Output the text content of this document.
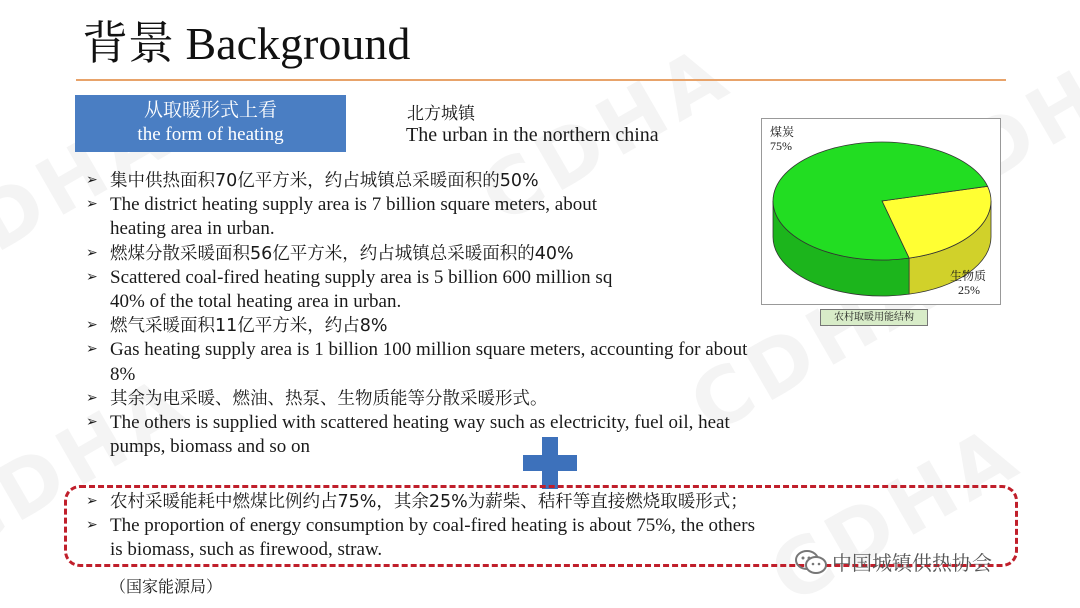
背景 Background
从取暖形式上看
the form of heating
北方城镇
The urban in the northern china
➢ 集中供热面积70亿平方米，约占城镇总采暖面积的50%
➢ The district heating supply area is 7 billion square meters, about
heating area in urban.
➢ 燃煤分散采暖面积56亿平方米，约占城镇总采暖面积的40%
➢ Scattered coal-fired heating supply area is 5 billion 600 million sq
40% of the total heating area in urban.
➢ 燃气采暖面积11亿平方米，约占8%
➢ Gas heating supply area is 1 billion 100 million square meters, accounting for about
8%
➢ 其余为电采暖、燃油、热泵、生物质能等分散采暖形式。
➢ The others is supplied with scattered heating way such as electricity, fuel oil, heat
pumps, biomass and so on
煤炭
75%
生物质
25%
农村取暖用能结构
➢ 农村采暖能耗中燃煤比例约占75%，其余25%为薪柴、秸秆等直接燃烧取暖形式；
➢ The proportion of energy consumption by coal-fired heating is about 75%, the others
is biomass, such as firewood, straw.
（国家能源局）
中国城镇供热协会
